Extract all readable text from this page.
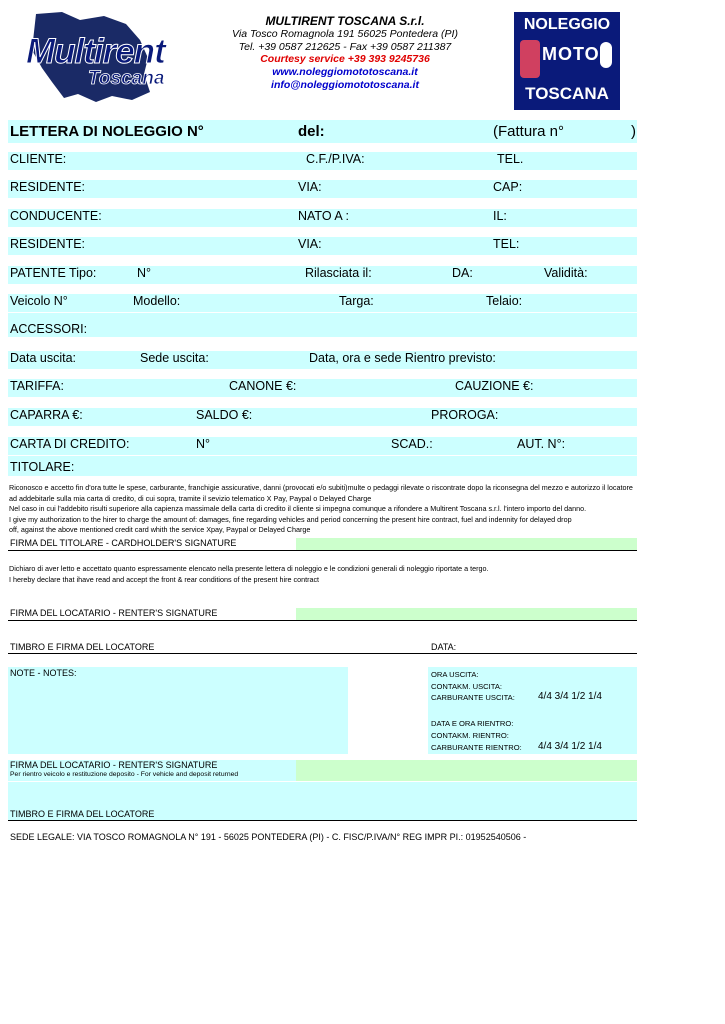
Multirent
Toscana
MULTIRENT TOSCANA S.r.l.
Via Tosco Romagnola 191 56025 Pontedera (PI)
Tel. +39 0587 212625 - Fax +39 0587 211387
Courtesy service +39 393 9245736
www.noleggiomototoscana.it
info@noleggiomototoscana.it
NOLEGGIO
MOTO
TOSCANA
LETTERA DI NOLEGGIO N°	del:	(Fattura n°	)
CLIENTE:	C.F./P.IVA:	TEL.
RESIDENTE:	VIA:	CAP:
CONDUCENTE:	NATO A :	IL:
RESIDENTE:	VIA:	TEL:
PATENTE Tipo:	N°	Rilasciata il:	DA:	Validità:
Veicolo N°	Modello:	Targa:	Telaio:
ACCESSORI:
Data uscita:	Sede uscita:	Data, ora e sede Rientro previsto:
TARIFFA:	CANONE €:	CAUZIONE €:
CAPARRA €:	SALDO €:	PROROGA:
CARTA DI CREDITO:	N°	SCAD.:	AUT. N°:
TITOLARE:
Riconosco e accetto fin d'ora tutte le spese, carburante, franchigie assicurative, danni (provocati e/o subiti)multe o pedaggi rilevate o riscontrate dopo la riconsegna del mezzo e autorizzo il locatore
ad addebitarle sulla mia carta di credito, di cui sopra, tramite il sevizio telematico X Pay, Paypal o Delayed Charge
Nel caso in cui l'addebito risulti superiore alla capienza massimale della carta di credito il cliente si impegna comunque a rifondere a Multirent Toscana s.r.l. l'intero importo del danno.
I give my authorization to the hirer to charge the amount of: damages, fine regarding vehicles and period concerning the present hire contract, fuel and indennity for delayed drop
off, against the above mentioned credit card whith the service Xpay, Paypal or Delayed Charge
FIRMA DEL TITOLARE - CARDHOLDER'S SIGNATURE
Dichiaro di aver letto e accettato quanto espressamente elencato nella presente lettera di noleggio e le condizioni generali di noleggio riportate a tergo.
I hereby declare that ihave read and accept the front & rear conditions of the present hire contract
FIRMA DEL LOCATARIO - RENTER'S SIGNATURE
TIMBRO E FIRMA DEL LOCATORE	DATA:
NOTE - NOTES:	ORA USCITA:
CONTAKM. USCITA:
CARBURANTE USCITA: 4/4 3/4 1/2 1/4
DATA E ORA RIENTRO:
CONTAKM. RIENTRO:
CARBURANTE RIENTRO: 4/4 3/4 1/2 1/4
FIRMA DEL LOCATARIO - RENTER'S SIGNATURE
Per rientro veicolo e restituzione deposito - For vehicle and deposit returned
TIMBRO E FIRMA DEL LOCATORE
SEDE LEGALE: VIA TOSCO ROMAGNOLA N° 191 - 56025 PONTEDERA (PI) - C. FISC/P.IVA/N° REG IMPR PI.: 01952540506 -
